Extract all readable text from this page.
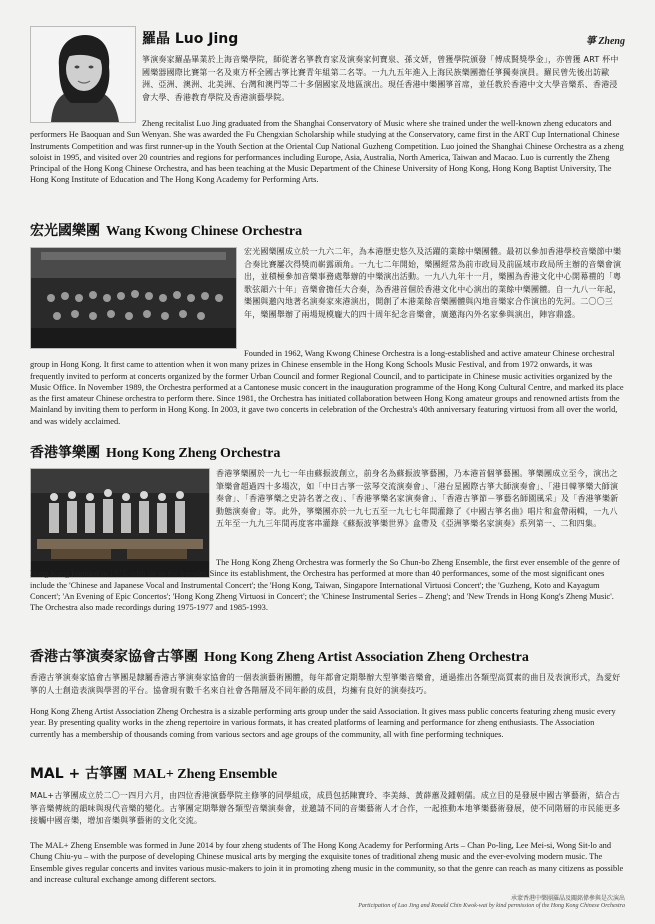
羅晶 Luo Jing	箏 Zheng
箏演奏家羅晶畢業於上海音樂學院，師從著名箏教育家及演奏家何寶泉、孫文妍，曾獲學院頒發「傅成賢獎學金」，亦曾獲 ART 杯中國樂器國際比賽第一名及東方杯全國古箏比賽青年組第二名等。一九九五年進入上海民族樂團擔任箏獨奏演員。羅民曾先後出訪歐洲、亞洲、澳洲、北美洲、台灣和澳門等二十多個國家及地區演出。現任香港中樂團箏首席，並任教於香港中文大學音樂系、香港浸會大學、香港教育學院及香港演藝學院。
Zheng recitalist Luo Jing graduated from the Shanghai Conservatory of Music where she trained under the well-known zheng educators and performers He Baoquan and Sun Wenyan. She was awarded the Fu Chengxian Scholarship while studying at the Conservatory, came first in the ART Cup International Chinese Instruments Competition and was first runner-up in the Youth Section at the Oriental Cup National Guzheng Competition. Luo joined the Shanghai Chinese Orchestra as a zheng soloist in 1995, and visited over 20 countries and regions for performances including Europe, Asia, Australia, North America, Taiwan and Macao. Luo is currently the Zheng Principal of the Hong Kong Chinese Orchestra, and has been teaching at the Music Department of the Chinese University of Hong Kong, Hong Kong Baptist University, The Hong Kong Institute of Education and The Hong Kong Academy for Performing Arts.
宏光國樂團 Wang Kwong Chinese Orchestra
宏光國樂團成立於一九六二年，為本港歷史悠久及活躍的業餘中樂團體。最初以參加香港學校音樂節中樂合奏比賽屢次得獎而嶄露頭角。一九七二年開始，樂團經常為前市政局及前區域市政局所主辦的音樂會演出，並積極參加音樂事務處舉辦的中樂演出活動。一九八九年十一月，樂團為香港文化中心開幕禮的「粵歌弦韻六十年」音樂會擔任大合奏，為香港首個於香港文化中心演出的業餘中樂團體。自一九八一年起，樂團與邀內地著名演奏家來港演出，開創了本港業餘音樂團體與內地音樂家合作演出的先河。二〇〇三年，樂團舉辦了兩場規模龐大的四十周年紀念音樂會，廣邀海內外名家參與演出，陣容鼎盛。
Founded in 1962, Wang Kwong Chinese Orchestra is a long-established and active amateur Chinese orchestral group in Hong Kong. It first came to attention when it won many prizes in Chinese ensemble in the Hong Kong Schools Music Festival, and from 1972 onwards, it was frequently invited to perform at concerts organized by the former Urban Council and former Regional Council, and to participate in Chinese music activities organized by the Music Office. In November 1989, the Orchestra performed at a Cantonese music concert in the inauguration programme of the Hong Kong Cultural Centre, and marked its place as the first amateur Chinese orchestra to perform there. Since 1981, the Orchestra has initiated collaboration between Hong Kong amateur groups and renowned artists from the Mainland by inviting them to perform in Hong Kong. In 2003, it gave two concerts in celebration of the Orchestra's 40th anniversary featuring virtuosi from all over the world, and was widely acclaimed.
香港箏樂團 Hong Kong Zheng Orchestra
香港箏樂團於一九七一年由蘇振波創立，前身名為蘇振波箏藝團，乃本港首個箏藝團。箏樂團成立至今，演出之筆樂會超過四十多場次，如「中日古箏一弦琴交流演奏會」、「港台星國際古箏大師演奏會」、「港日韓箏樂大師演奏會」、「香港箏樂之史詩名著之夜」、「香港箏樂名家演奏會」、「香港古箏節－箏藝名師園風采」及「香港箏樂新動態演奏會」等。此外，箏樂團亦於一九七五至一九七七年間灌錄了《中國古箏名曲》唱片和盒帶兩輯，一九八五年至一九九三年間再度客串灌錄《蘇振波箏樂世界》盒帶及《亞洲箏樂名家演奏》系列第一、二和四集。
The Hong Kong Zheng Orchestra was formerly the So Chun-bo Zheng Ensemble, the first ever ensemble of the genre of Hong Kong founded in 1971, with So as the founder. Since its establishment, the Orchestra has performed at more than 40 performances, some of the most significant ones include the 'Chinese and Japanese Vocal and Instrumental Concert'; the 'Hong Kong, Taiwan, Singapore International Virtuosi Concert'; the 'Guzheng, Koto and Kayagum Concert'; 'An Evening of Epic Concertos'; 'Hong Kong Zheng Virtuosi in Concert'; the 'Chinese Instrumental Series – Zheng'; and 'New Trends in Hong Kong's Zheng Music'. The Orchestra also made recordings during 1975-1977 and 1985-1993.
香港古箏演奏家協會古箏團 Hong Kong Zheng Artist Association Zheng Orchestra
香港古箏演奏家協會古箏團是隸屬香港古箏演奏家協會的一個表演藝術團體，每年都會定期舉辦大型箏樂音樂會，通過推出各類型高質素的曲目及表演形式，為愛好箏的人士創造表演與學習的平台。協會現有數千名來自社會各階層及不同年齡的成員，均擁有良好的演奏技巧。
Hong Kong Zheng Artist Association Zheng Orchestra is a sizable performing arts group under the said Association. It gives mass public concerts featuring zheng music every year. By presenting quality works in the zheng repertoire in various formats, it has created platforms of learning and performance for zheng enthusiasts. The Association currently has a membership of thousands coming from various sectors and age groups of the community, all with fine performing techniques.
MAL + 古箏團 MAL+ Zheng Ensemble
MAL+古箏團成立於二〇一四月六月，由四位香港演藝學院主修箏的同學組成，成員包括陳寶玲、李美絲、黃薛蕙及鍾朝儒。成立目的是發展中國古箏藝術，結合古箏音樂傳統的韻味與現代音樂的變化。古箏團定期舉辦各類型音樂演奏會，並邀請不同的音樂藝術人才合作，一起推動本地箏樂藝術發展，使不同階層的市民能更多接觸中國音樂，增加音樂與箏藝術的文化交流。
The MAL+ Zheng Ensemble was formed in June 2014 by four zheng students of The Hong Kong Academy for Performing Arts – Chan Po-ling, Lee Mei-si, Wong Sit-lo and Chung Chiu-yu – with the purpose of developing Chinese musical arts by merging the exquisite tones of traditional zheng music and the ever-evolving modern music. The Ensemble gives regular concerts and invites various music-makers to join it in promoting zheng music in the community, so that the genre can reach as many citizens as possible and increase cultural exchange among different sectors.
承蒙香港中樂團羅晶及關銘偉參與是次演出
Participation of Luo Jing and Ronald Chin Kwok-wai by kind permission of the Hong Kong Chinese Orchestra
